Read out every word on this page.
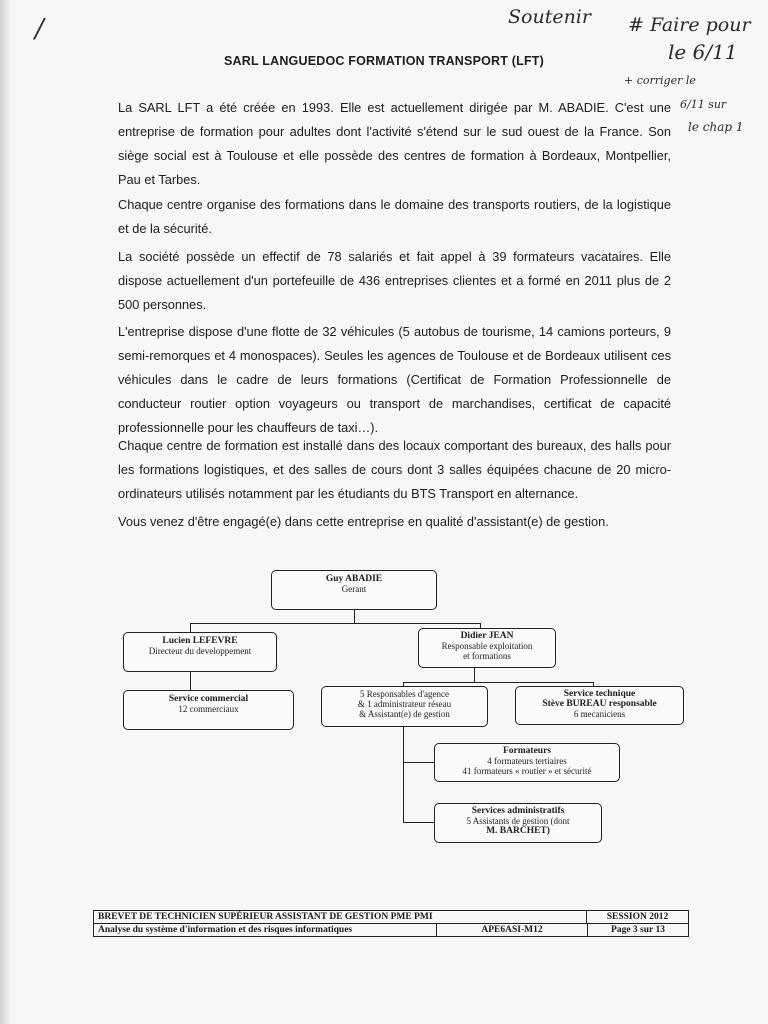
/	Soutenir # Faire pour
le 6/11
+ corriger le
6/11 sur
le chap 1
SARL LANGUEDOC FORMATION TRANSPORT (LFT)

La SARL LFT a été créée en 1993. Elle est actuellement dirigée par M. ABADIE. C'est une entreprise de formation pour adultes dont l'activité s'étend sur le sud ouest de la France. Son siège social est à Toulouse et elle possède des centres de formation à Bordeaux, Montpellier, Pau et Tarbes.

Chaque centre organise des formations dans le domaine des transports routiers, de la logistique et de la sécurité.

La société possède un effectif de 78 salariés et fait appel à 39 formateurs vacataires. Elle dispose actuellement d'un portefeuille de 436 entreprises clientes et a formé en 2011 plus de 2 500 personnes.

L'entreprise dispose d'une flotte de 32 véhicules (5 autobus de tourisme, 14 camions porteurs, 9 semi-remorques et 4 monospaces). Seules les agences de Toulouse et de Bordeaux utilisent ces véhicules dans le cadre de leurs formations (Certificat de Formation Professionnelle de conducteur routier option voyageurs ou transport de marchandises, certificat de capacité professionnelle pour les chauffeurs de taxi…).

Chaque centre de formation est installé dans des locaux comportant des bureaux, des halls pour les formations logistiques, et des salles de cours dont 3 salles équipées chacune de 20 micro-ordinateurs utilisés notamment par les étudiants du BTS Transport en alternance.

Vous venez d'être engagé(e) dans cette entreprise en qualité d'assistant(e) de gestion.

Guy ABADIE
Gerant
Lucien LEFEVRE
Directeur du developpement
Didier JEAN
Responsable exploitation
et formations
Service commercial
12 commerciaux
5 Responsables d'agence
& 1 administrateur réseau
& Assistant(e) de gestion
Service technique
Stève BUREAU responsable
6 mecaniciens
Formateurs
4 formateurs tertiaires
41 formateurs « routier » et sécurité
Services administratifs
5 Assistants de gestion (dont
M. BARCHET)
BREVET DE TECHNICIEN SUPÉRIEUR ASSISTANT DE GESTION PME PMI	SESSION 2012
Analyse du système d'information et des risques informatiques	APE6ASI-M12	Page 3 sur 13
